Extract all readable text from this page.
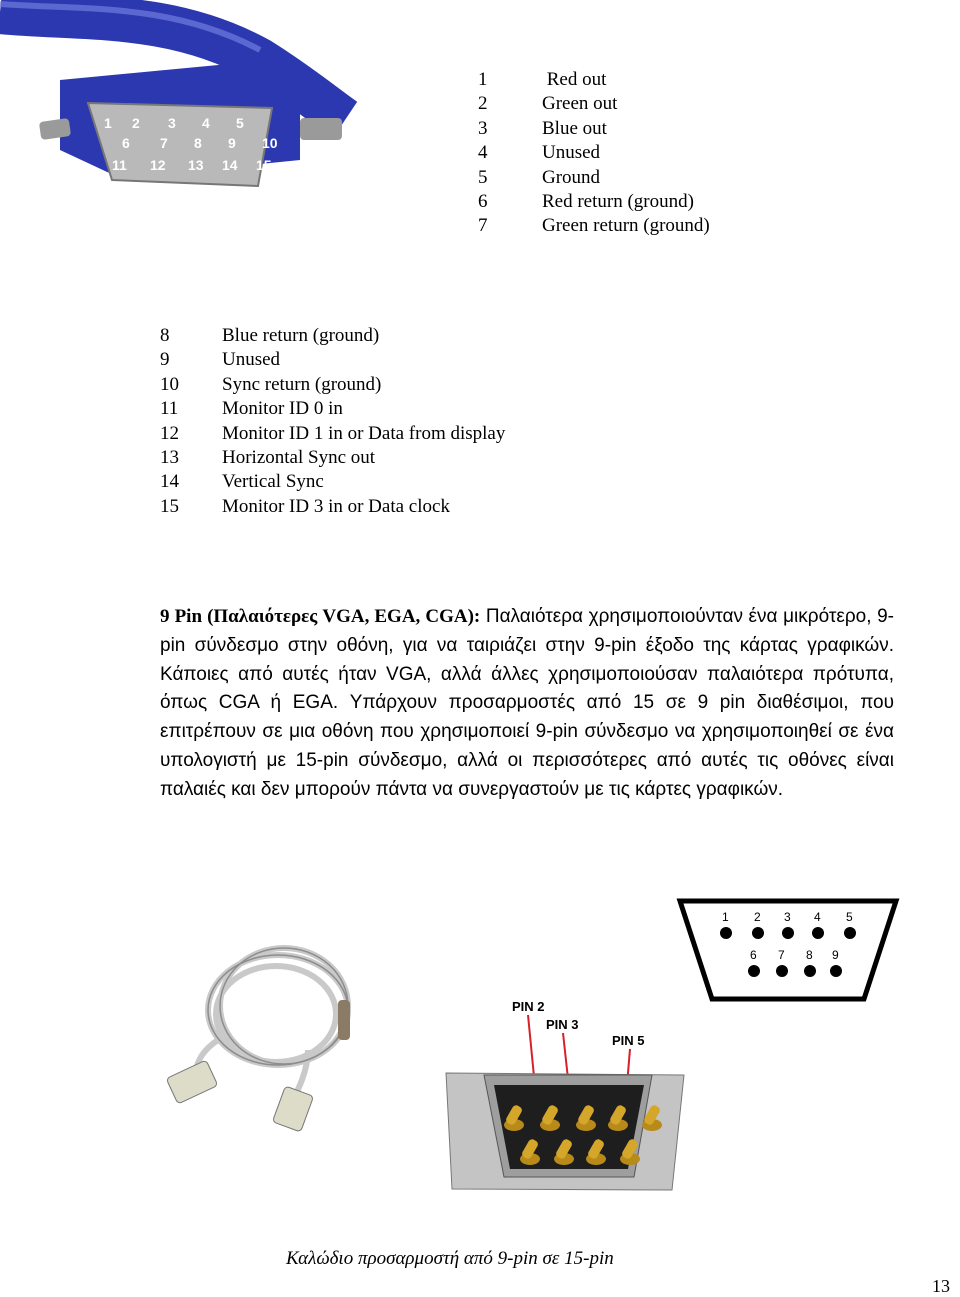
1 2 3 4 5
6 7 8 9 10
11 12 13 14 15
1	Red out
2	Green out
3	Blue out
4	Unused
5	Ground
6	Red return (ground)
7	Green return (ground)
8	Blue return (ground)
9	Unused
10	Sync return (ground)
11	Monitor ID 0 in
12	Monitor ID 1 in or Data from display
13	Horizontal Sync out
14	Vertical Sync
15	Monitor ID 3 in or Data clock
9 Pin (Παλαιότερες VGA, EGA, CGA): Παλαιότερα χρησιμοποιούνταν ένα μικρότερο, 9-pin σύνδεσμο στην οθόνη, για να ταιριάζει στην 9-pin έξοδο της κάρτας γραφικών. Κάποιες από αυτές ήταν VGA, αλλά άλλες χρησιμοποιούσαν παλαιότερα πρότυπα, όπως CGA ή EGA. Υπάρχουν προσαρμοστές από 15 σε 9 pin διαθέσιμοι, που επιτρέπουν σε μια οθόνη που χρησιμοποιεί 9-pin σύνδεσμο να χρησιμοποιηθεί σε ένα υπολογιστή με 15-pin σύνδεσμο, αλλά οι περισσότερες από αυτές τις οθόνες είναι παλαιές και δεν μπορούν πάντα να συνεργαστούν με τις κάρτες γραφικών.
1 2 3 4 5
6 7 8 9
PIN 2
PIN 3
PIN 5
Καλώδιο προσαρμοστή από 9-pin σε 15-pin
13
